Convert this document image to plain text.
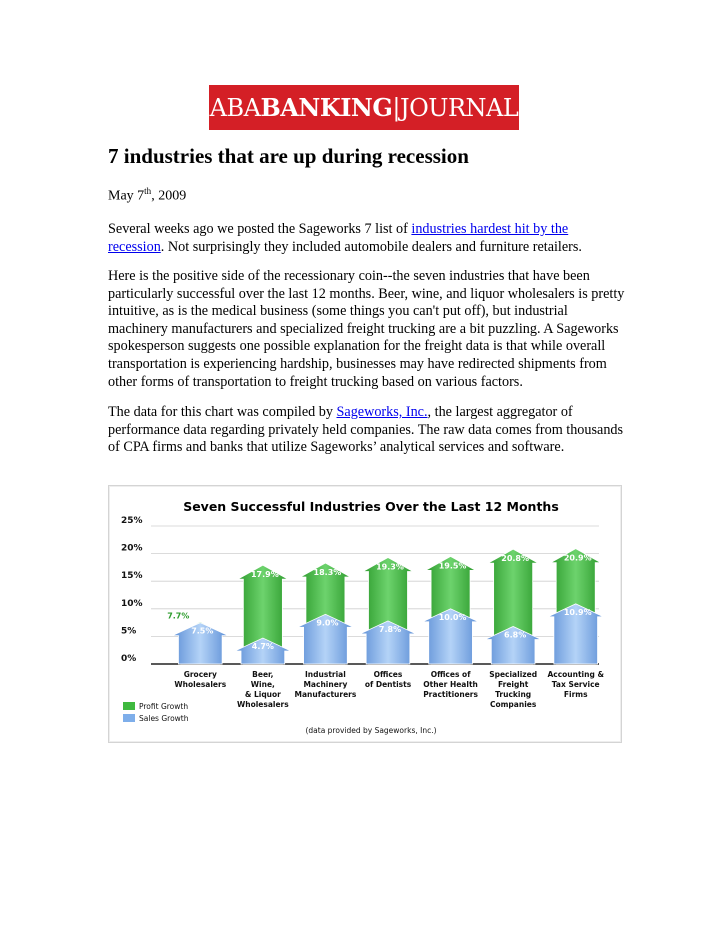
ABABANKING|JOURNAL
7 industries that are up during recession
May 7th, 2009

Several weeks ago we posted the Sageworks 7 list of industries hardest hit by the recession. Not surprisingly they included automobile dealers and furniture retailers.

Here is the positive side of the recessionary coin--the seven industries that have been particularly successful over the last 12 months. Beer, wine, and liquor wholesalers is pretty intuitive, as is the medical business (some things you can't put off), but industrial machinery manufacturers and specialized freight trucking are a bit puzzling. A Sageworks spokesperson suggests one possible explanation for the freight data is that while overall transportation is experiencing hardship, businesses may have redirected shipments from other forms of transportation to freight trucking based on various factors.

The data for this chart was compiled by Sageworks, Inc., the largest aggregator of performance data regarding privately held companies. The raw data comes from thousands of CPA firms and banks that utilize Sageworks’ analytical services and software.

Seven Successful Industries Over the Last 12 Months
0%
5%
10%
15%
20%
25%
7.7%
7.5%
Grocery
Wholesalers
17.9%
4.7%
Beer,
Wine,
& Liquor
Wholesalers
18.3%
9.0%
Industrial
Machinery
Manufacturers
19.3%
7.8%
Offices
of Dentists
19.5%
10.0%
Offices of
Other Health
Practitioners
20.8%
6.8%
Specialized
Freight
Trucking
Companies
20.9%
10.9%
Accounting &
Tax Service
Firms
Profit Growth
Sales Growth
(data provided by Sageworks, Inc.)
